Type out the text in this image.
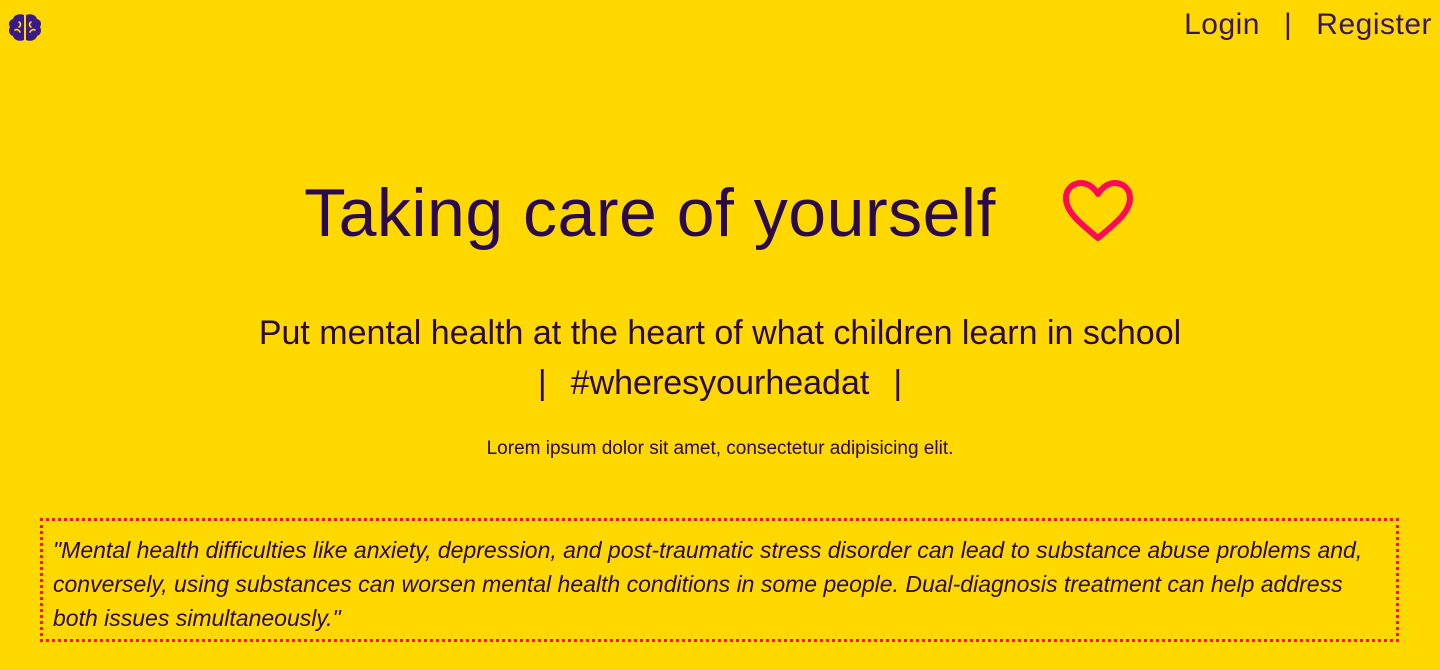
Login | Register
Taking care of yourself
Put mental health at the heart of what children learn in school
| #wheresyourheadat |

Lorem ipsum dolor sit amet, consectetur adipisicing elit.

"Mental health difficulties like anxiety, depression, and post-traumatic stress disorder can lead to substance abuse problems and, conversely, using substances can worsen mental health conditions in some people. Dual-diagnosis treatment can help address both issues simultaneously."
